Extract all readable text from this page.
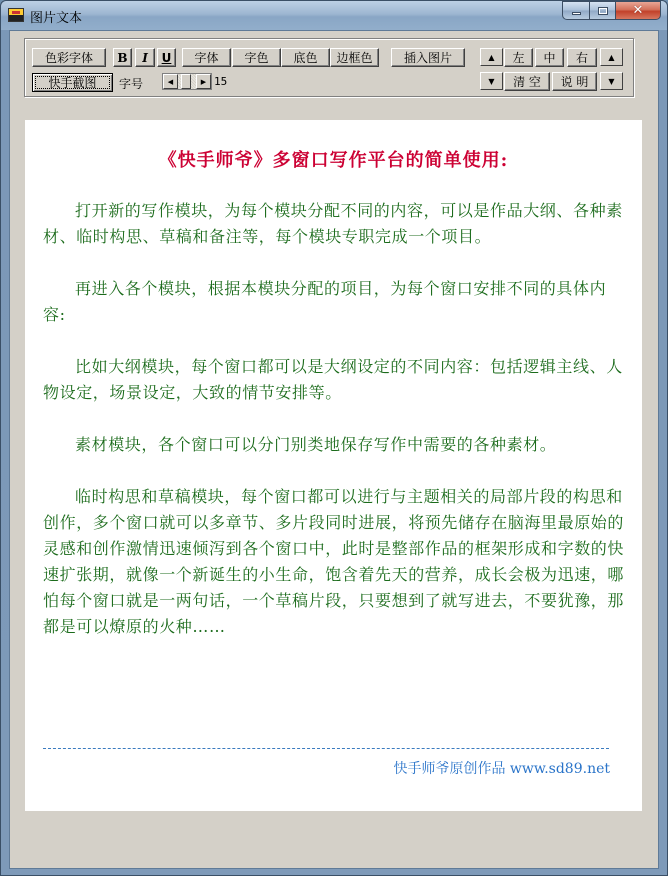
图片文本
✕
色彩字体	B	I	U	字体	字色	底色	边框色	插入图片
快手截图	字号	◀	▶ 15
▲	左	中	右	▲
▼	清 空	说 明	▼
《快手师爷》多窗口写作平台的简单使用:

打开新的写作模块，为每个模块分配不同的内容，可以是作品大纲、各种素材、临时构思、草稿和备注等，每个模块专职完成一个项目。

再进入各个模块，根据本模块分配的项目，为每个窗口安排不同的具体内容:

比如大纲模块，每个窗口都可以是大纲设定的不同内容：包括逻辑主线、人物设定，场景设定，大致的情节安排等。

素材模块，各个窗口可以分门别类地保存写作中需要的各种素材。

临时构思和草稿模块，每个窗口都可以进行与主题相关的局部片段的构思和创作，多个窗口就可以多章节、多片段同时进展，将预先储存在脑海里最原始的灵感和创作激情迅速倾泻到各个窗口中，此时是整部作品的框架形成和字数的快速扩张期，就像一个新诞生的小生命，饱含着先天的营养，成长会极为迅速，哪怕每个窗口就是一两句话，一个草稿片段，只要想到了就写进去，不要犹豫，那都是可以燎原的火种……

快手师爷原创作品 www.sd89.net
